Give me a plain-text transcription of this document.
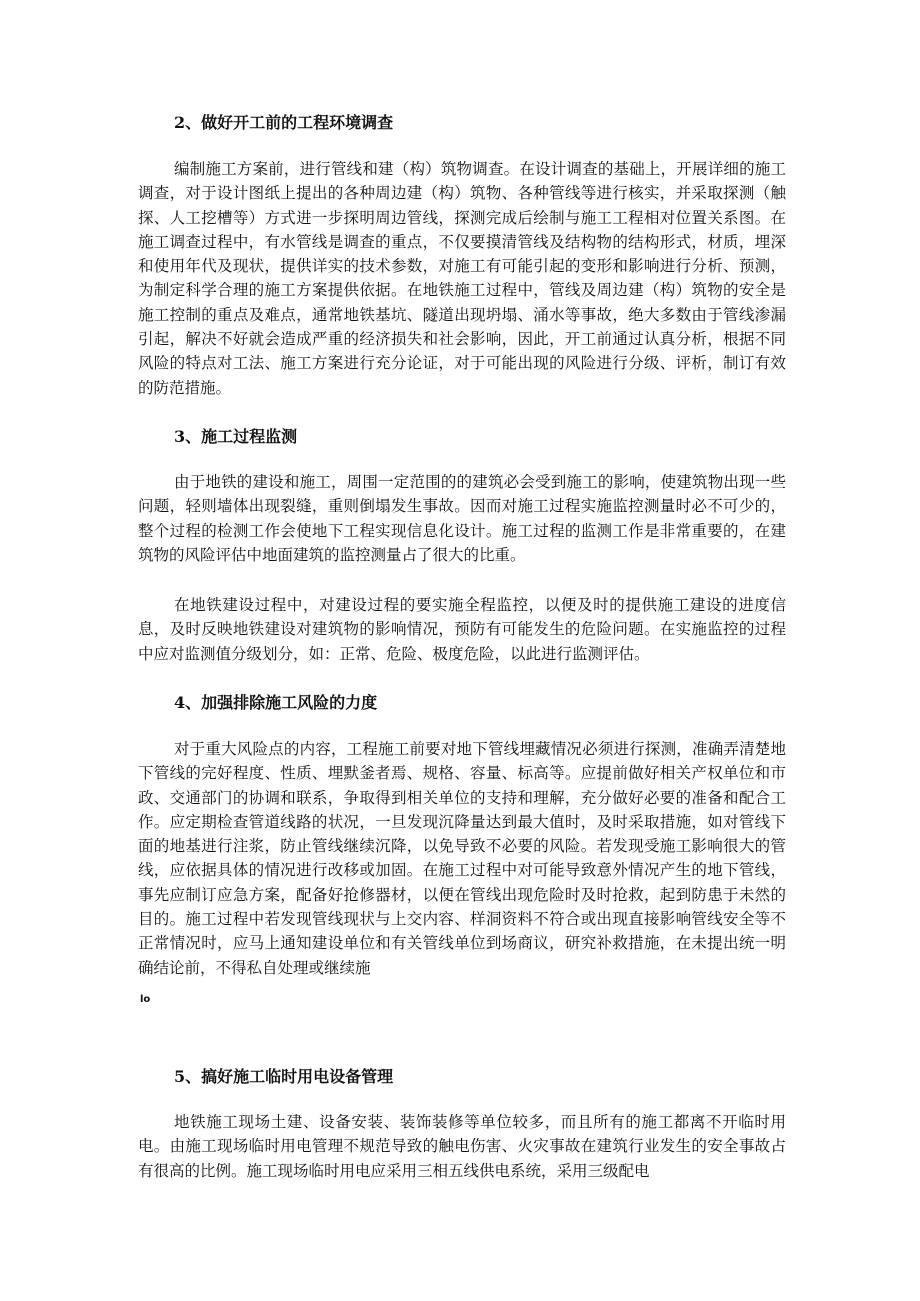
2、做好开工前的工程环境调查

编制施工方案前，进行管线和建（构）筑物调查。在设计调查的基础上，开展详细的施工调查，对于设计图纸上提出的各种周边建（构）筑物、各种管线等进行核实，并采取探测（触探、人工挖槽等）方式进一步探明周边管线，探测完成后绘制与施工工程相对位置关系图。在施工调查过程中，有水管线是调查的重点，不仅要摸清管线及结构物的结构形式，材质，埋深和使用年代及现状，提供详实的技术参数，对施工有可能引起的变形和影响进行分析、预测，为制定科学合理的施工方案提供依据。在地铁施工过程中，管线及周边建（构）筑物的安全是施工控制的重点及难点，通常地铁基坑、隧道出现坍塌、涌水等事故，绝大多数由于管线渗漏引起，解决不好就会造成严重的经济损失和社会影响，因此，开工前通过认真分析，根据不同风险的特点对工法、施工方案进行充分论证，对于可能出现的风险进行分级、评析，制订有效的防范措施。

3、施工过程监测

由于地铁的建设和施工，周围一定范围的的建筑必会受到施工的影响，使建筑物出现一些问题，轻则墙体出现裂缝，重则倒塌发生事故。因而对施工过程实施监控测量时必不可少的，整个过程的检测工作会使地下工程实现信息化设计。施工过程的监测工作是非常重要的，在建筑物的风险评估中地面建筑的监控测量占了很大的比重。

在地铁建设过程中，对建设过程的要实施全程监控，以便及时的提供施工建设的进度信息，及时反映地铁建设对建筑物的影响情况，预防有可能发生的危险问题。在实施监控的过程中应对监测值分级划分，如：正常、危险、极度危险，以此进行监测评估。

4、加强排除施工风险的力度

对于重大风险点的内容，工程施工前要对地下管线埋藏情况必须进行探测，准确弄清楚地下管线的完好程度、性质、埋默釜者焉、规格、容量、标高等。应提前做好相关产权单位和市政、交通部门的协调和联系，争取得到相关单位的支持和理解，充分做好必要的准备和配合工作。应定期检查管道线路的状况，一旦发现沉降量达到最大值时，及时采取措施，如对管线下面的地基进行注浆，防止管线继续沉降，以免导致不必要的风险。若发现受施工影响很大的管线，应依据具体的情况进行改移或加固。在施工过程中对可能导致意外情况产生的地下管线，事先应制订应急方案，配备好抢修器材，以便在管线出现危险时及时抢救，起到防患于未然的目的。施工过程中若发现管线现状与上交内容、样洞资料不符合或出现直接影响管线安全等不正常情况时，应马上通知建设单位和有关管线单位到场商议，研究补救措施，在未提出统一明确结论前，不得私自处理或继续施

lo
5、搞好施工临时用电设备管理

地铁施工现场土建、设备安装、装饰装修等单位较多，而且所有的施工都离不开临时用电。由施工现场临时用电管理不规范导致的触电伤害、火灾事故在建筑行业发生的安全事故占有很高的比例。施工现场临时用电应采用三相五线供电系统，采用三级配电
